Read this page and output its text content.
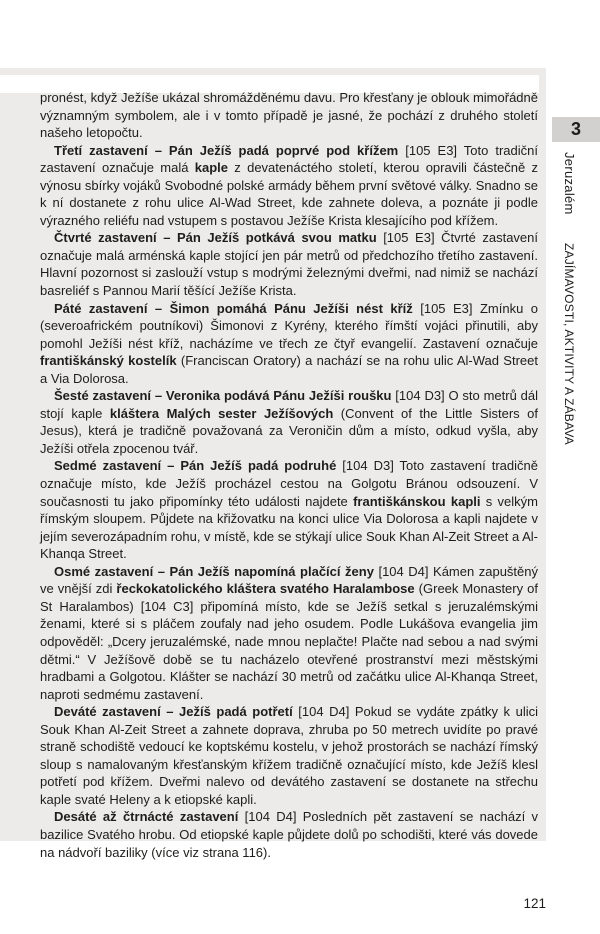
pronést, když Ježíše ukázal shromážděnému davu. Pro křesťany je oblouk mimořádně významným symbolem, ale i v tomto případě je jasné, že pochází z druhého století našeho letopočtu.

Třetí zastavení – Pán Ježíš padá poprvé pod křížem [105 E3] Toto tradiční zastavení označuje malá kaple z devatenáctého století, kterou opravili částečně z výnosu sbírky vojáků Svobodné polské armády během první světové války. Snadno se k ní dostanete z rohu ulice Al-Wad Street, kde zahnete doleva, a poznáte ji podle výrazného reliéfu nad vstupem s postavou Ježíše Krista klesajícího pod křížem.

Čtvrté zastavení – Pán Ježíš potkává svou matku [105 E3] Čtvrté zastavení označuje malá arménská kaple stojící jen pár metrů od předchozího třetího zastavení. Hlavní pozornost si zaslouží vstup s modrými železnými dveřmi, nad nimiž se nachází basreliéf s Pannou Marií těšící Ježíše Krista.

Páté zastavení – Šimon pomáhá Pánu Ježíši nést kříž [105 E3] Zmínku o (severoafrickém poutníkovi) Šimonovi z Kyrény, kterého římští vojáci přinutili, aby pomohl Ježíši nést kříž, nacházíme ve třech ze čtyř evangelií. Zastavení označuje františkánský kostelík (Franciscan Oratory) a nachází se na rohu ulic Al-Wad Street a Via Dolorosa.

Šesté zastavení – Veronika podává Pánu Ježíši roušku [104 D3] O sto metrů dál stojí kaple kláštera Malých sester Ježíšových (Convent of the Little Sisters of Jesus), která je tradičně považovaná za Veroničin dům a místo, odkud vyšla, aby Ježíši otřela zpocenou tvář.

Sedmé zastavení – Pán Ježíš padá podruhé [104 D3] Toto zastavení tradičně označuje místo, kde Ježíš procházel cestou na Golgotu Bránou odsouzení. V současnosti tu jako připomínky této události najdete františkánskou kapli s velkým římským sloupem. Půjdete na křižovatku na konci ulice Via Dolorosa a kapli najdete v jejím severozápadním rohu, v místě, kde se stýkají ulice Souk Khan Al-Zeit Street a Al-Khanqa Street.

Osmé zastavení – Pán Ježíš napomíná plačící ženy [104 D4] Kámen zapuštěný ve vnější zdi řeckokatolického kláštera svatého Haralambose (Greek Monastery of St Haralambos) [104 C3] připomíná místo, kde se Ježíš setkal s jeruzalémskými ženami, které si s pláčem zoufaly nad jeho osudem. Podle Lukášova evangelia jim odpověděl: „Dcery jeruzalémské, nade mnou neplačte! Plačte nad sebou a nad svými dětmi.“ V Ježíšově době se tu nacházelo otevřené prostranství mezi městskými hradbami a Golgotou. Klášter se nachází 30 metrů od začátku ulice Al-Khanqa Street, naproti sedmému zastavení.

Deváté zastavení – Ježíš padá potřetí [104 D4] Pokud se vydáte zpátky k ulici Souk Khan Al-Zeit Street a zahnete doprava, zhruba po 50 metrech uvidíte po pravé straně schodiště vedoucí ke koptskému kostelu, v jehož prostorách se nachází římský sloup s namalovaným křesťanským křížem tradičně označující místo, kde Ježíš klesl potřetí pod křížem. Dveřmi nalevo od devátého zastavení se dostanete na střechu kaple svaté Heleny a k etiopské kapli.

Desáté až čtrnácté zastavení [104 D4] Posledních pět zastavení se nachází v bazilice Svatého hrobu. Od etiopské kaple půjdete dolů po schodišti, které vás dovede na nádvoří baziliky (více viz strana 116).

3
Jeruzalém ZAJÍMAVOSTI, AKTIVITY A ZÁBAVA
121
